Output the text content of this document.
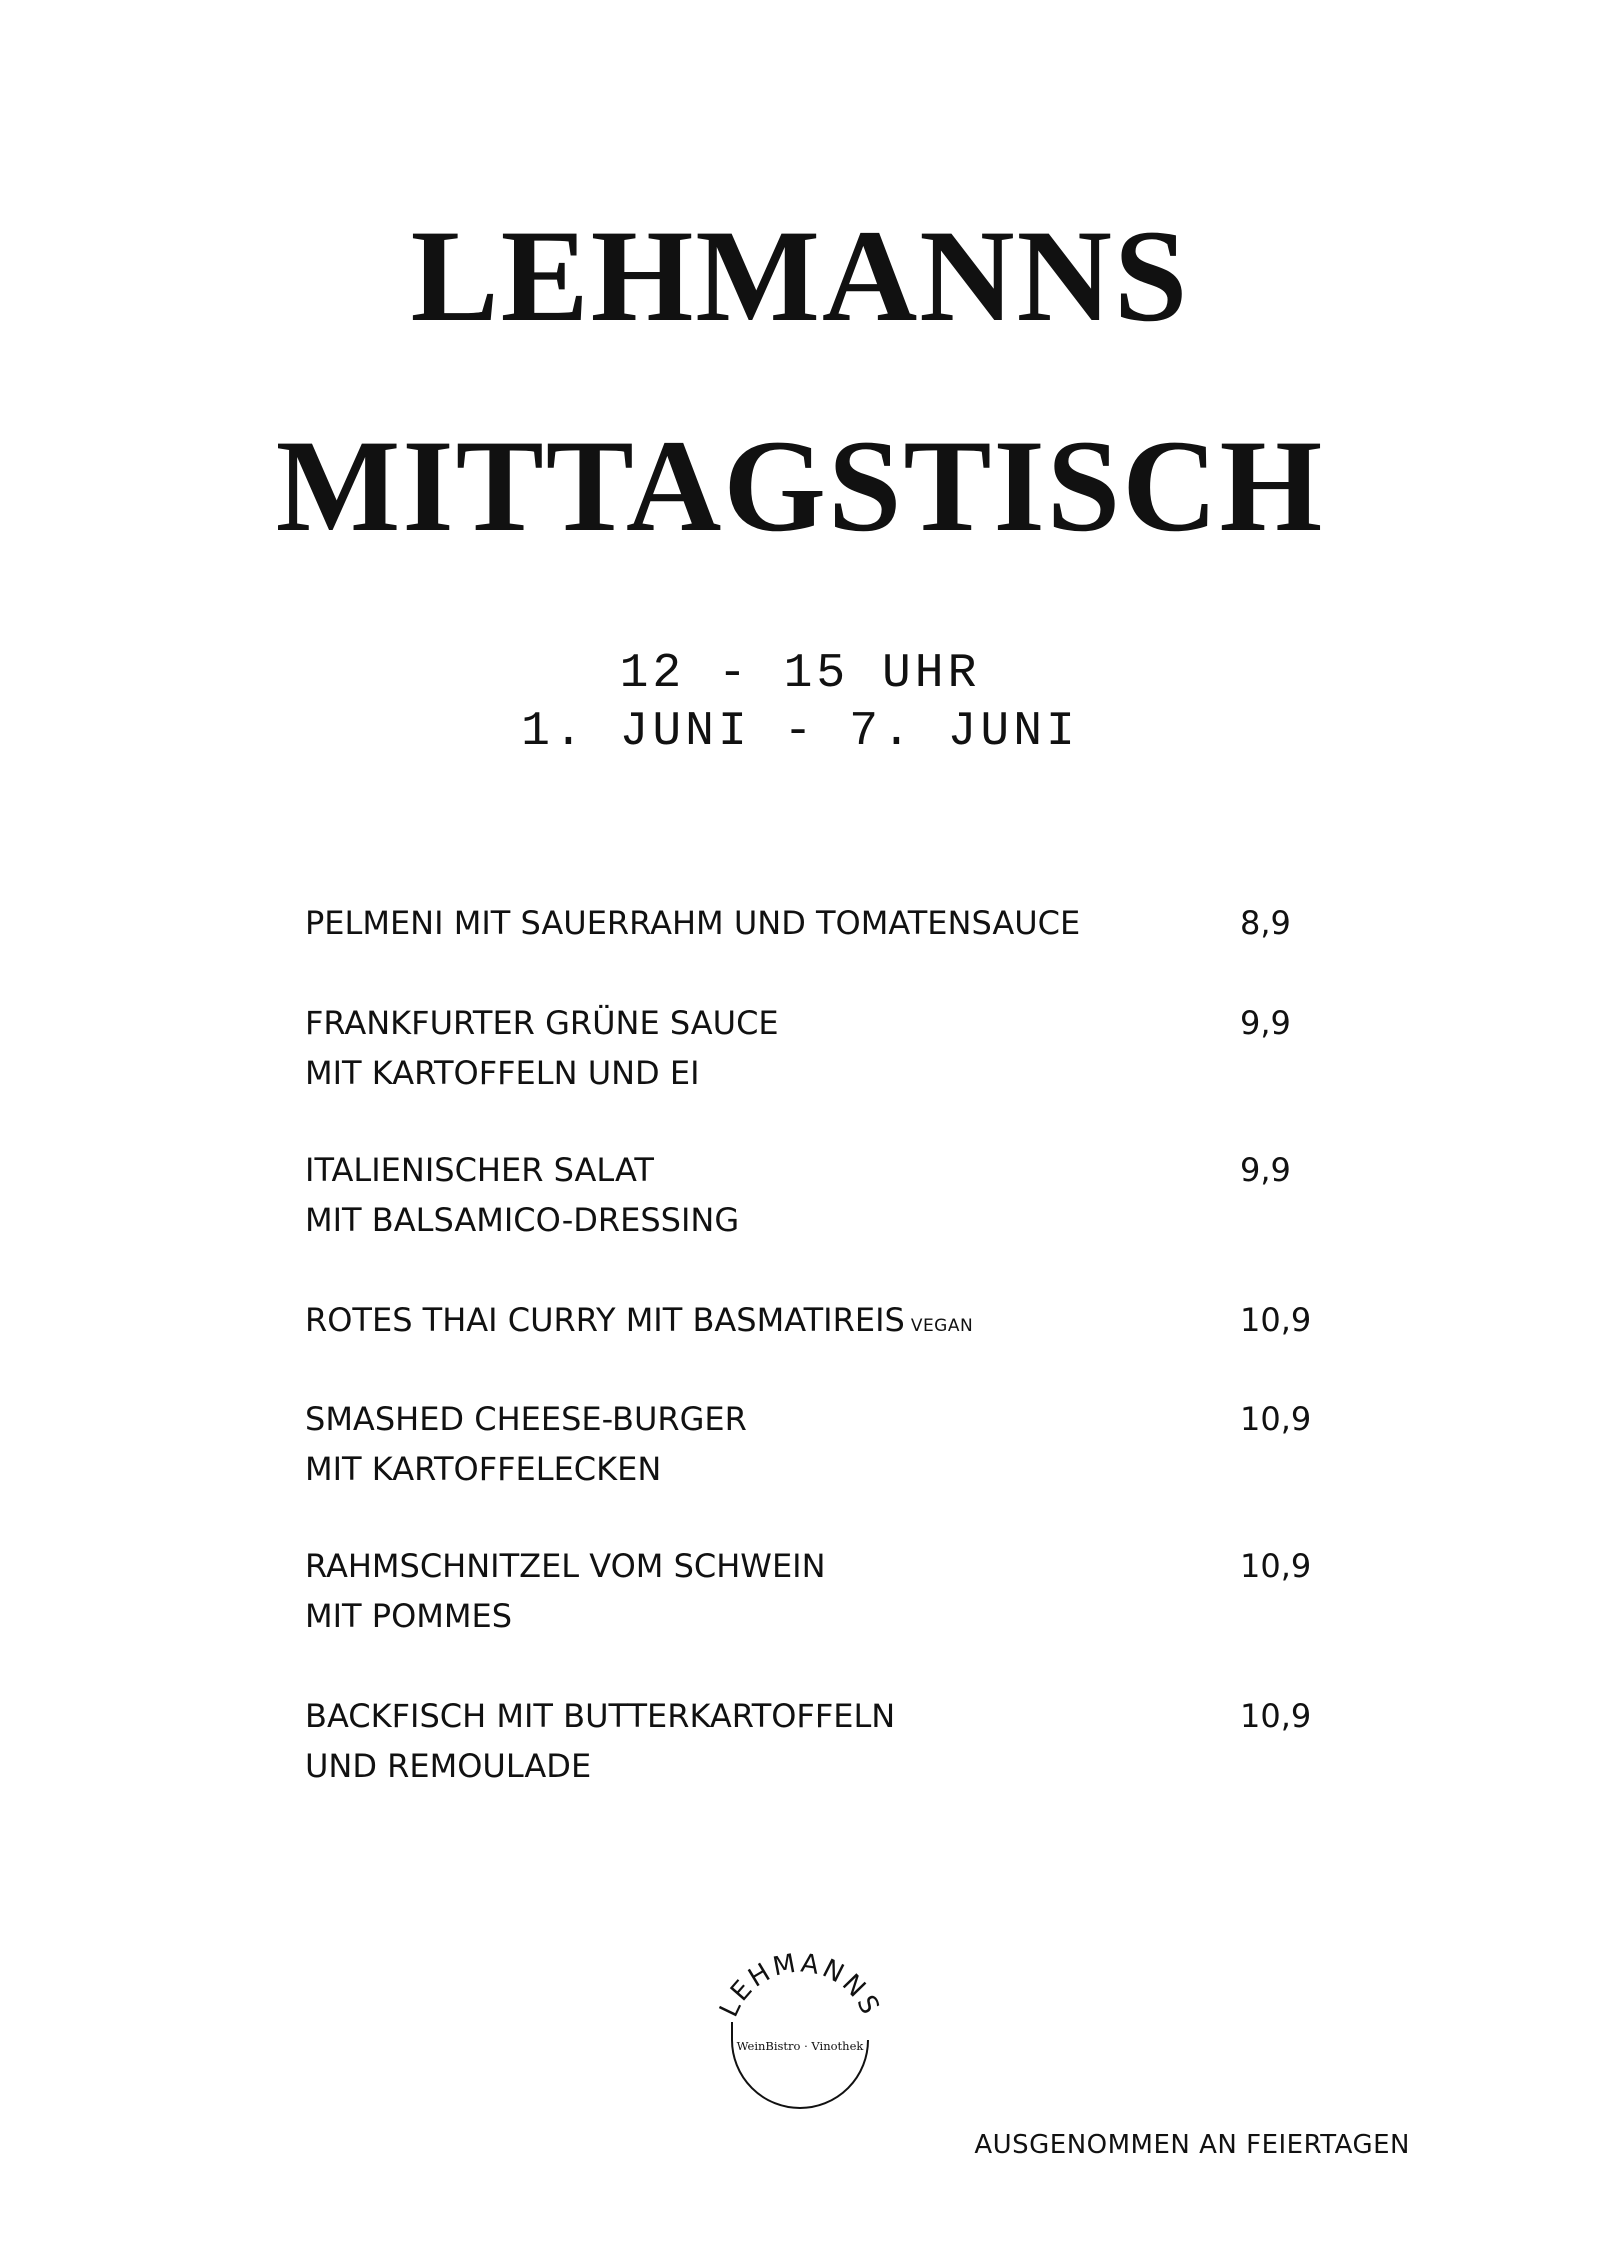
LEHMANNS
MITTAGSTISCH
12 - 15 UHR
1. JUNI - 7. JUNI
PELMENI MIT SAUERRAHM UND TOMATENSAUCE	8,9
FRANKFURTER GRÜNE SAUCE
MIT KARTOFFELN UND EI
9,9
ITALIENISCHER SALAT
MIT BALSAMICO-DRESSING
9,9
ROTES THAI CURRY MIT BASMATIREIS VEGAN	10,9
SMASHED CHEESE-BURGER
MIT KARTOFFELECKEN
10,9
RAHMSCHNITZEL VOM SCHWEIN
MIT POMMES
10,9
BACKFISCH MIT BUTTERKARTOFFELN
UND REMOULADE
10,9
LEHMANNS
WeinBistro · Vinothek
AUSGENOMMEN AN FEIERTAGEN
